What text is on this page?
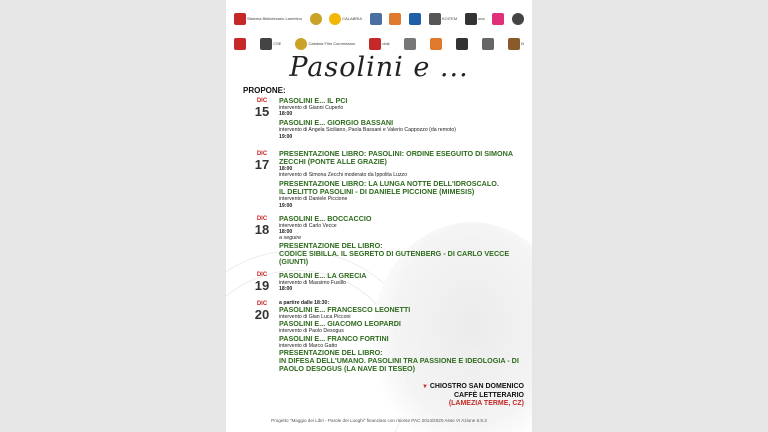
Sistema Bibliotecario Lametino	CALABRIA	KOITEM	una
CSE	Calabria Film Commission	ubik	B
Pasolini e ...
PROPONE:
DIC
15

PASOLINI E... IL PCI

intervento di Gianni Cuperlo

18:00

PASOLINI E... GIORGIO BASSANI

intervento di Angela Siciliano, Paola Bassani e Valerio Cappozzo (da remoto)

19:00

DIC
17

PRESENTAZIONE LIBRO: PASOLINI: ORDINE ESEGUITO DI SIMONA

ZECCHI (PONTE ALLE GRAZIE)

18:00

intervento di Simona Zecchi moderato da Ippolita Luzzo

PRESENTAZIONE LIBRO: LA LUNGA NOTTE DELL'IDROSCALO.

IL DELITTO PASOLINI - DI DANIELE PICCIONE (MIMESIS)

intervento di Daniele Piccione

19:00

DIC
18

PASOLINI E... BOCCACCIO

intervento di Carlo Vecce

18:00

a seguire

PRESENTAZIONE DEL LIBRO:

CODICE SIBILLA. IL SEGRETO DI GUTENBERG - DI CARLO VECCE

(GIUNTI)

DIC
19

PASOLINI E... LA GRECIA

intervento di Massimo Fusillo

18:00

DIC
20

a partire dalle 18:30:

PASOLINI E... FRANCESCO LEONETTI

intervento di Gian Luca Picconi

PASOLINI E... GIACOMO LEOPARDI

intervento di Paolo Desogus

PASOLINI E... FRANCO FORTINI

intervento di Marco Gatto

PRESENTAZIONE DEL LIBRO:

IN DIFESA DELL'UMANO. PASOLINI TRA PASSIONE E IDEOLOGIA - DI

PAOLO DESOGUS (LA NAVE DI TESEO)

▼ CHIOSTRO SAN DOMENICO
CAFFÈ LETTERARIO
(LAMEZIA TERME, CZ)
Progetto "Maggio dei Libri - Parole dei Luoghi" finanziato con risorse PAC 2014/2020 Asse VI Azione 6.8.3
